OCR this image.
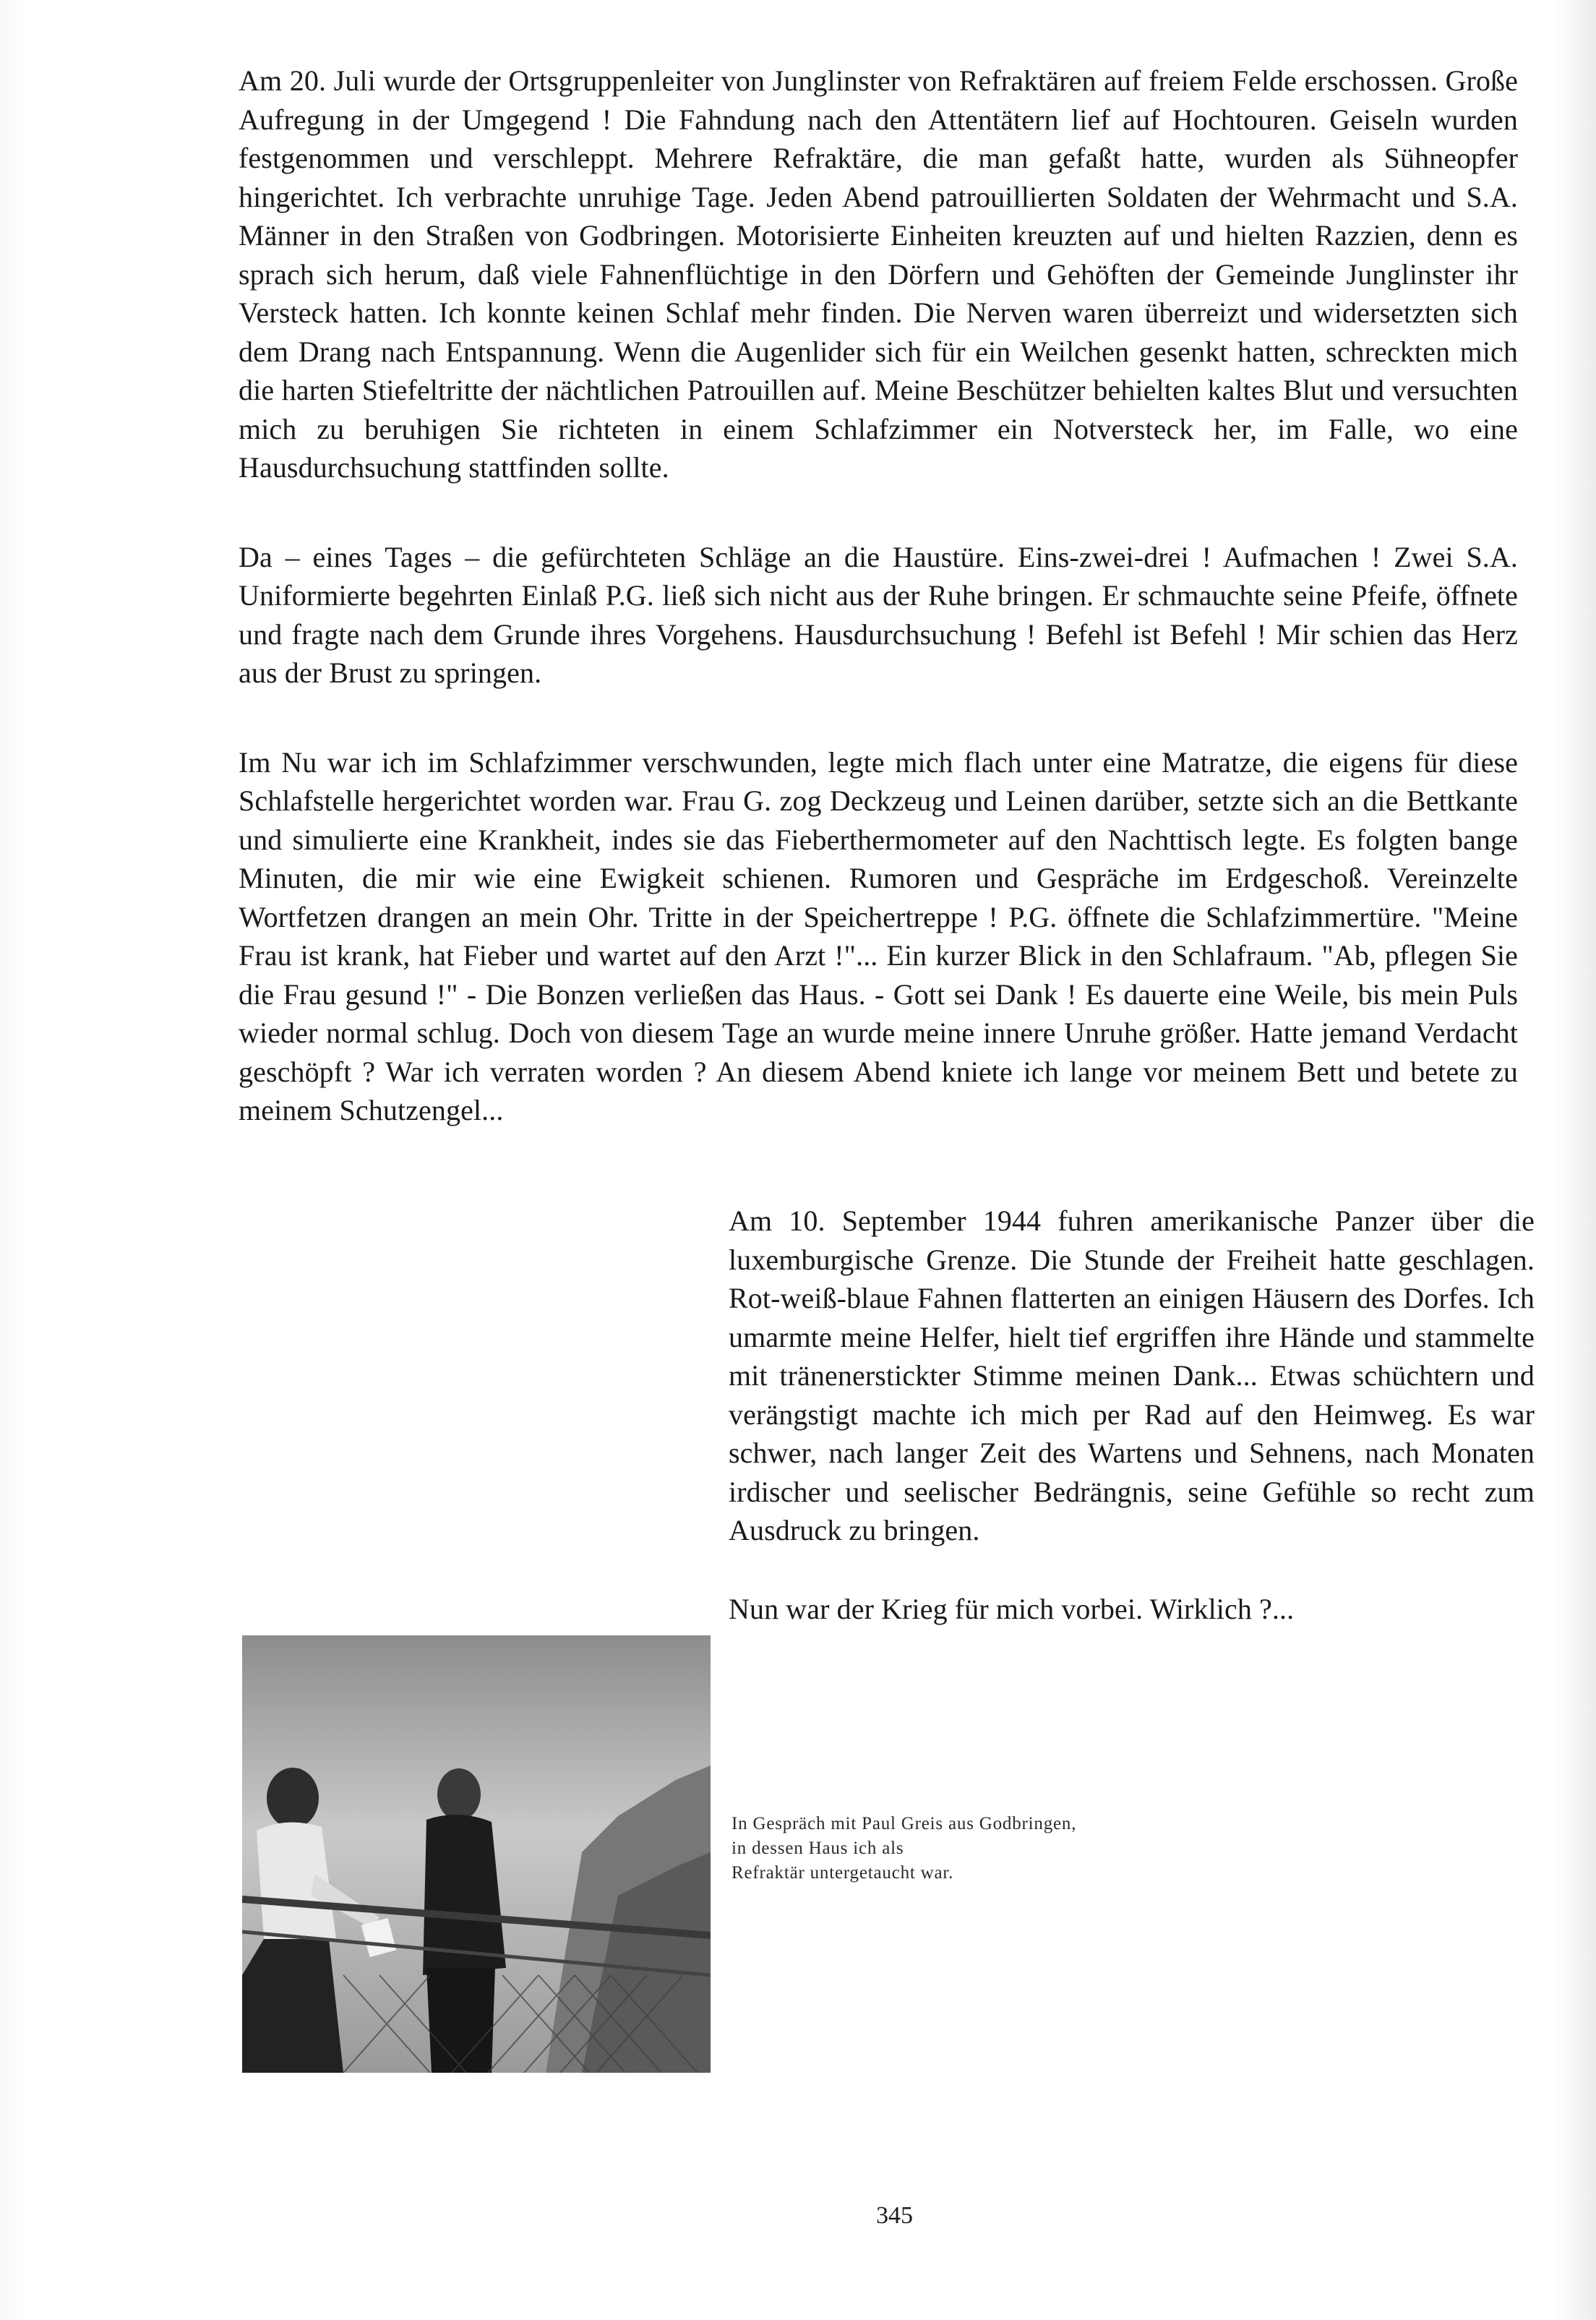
Am 20. Juli wurde der Ortsgruppenleiter von Junglinster von Refraktären auf freiem Felde erschossen. Große Aufregung in der Umgegend ! Die Fahndung nach den Attentätern lief auf Hochtouren. Geiseln wurden festgenommen und verschleppt. Mehrere Refraktäre, die man gefaßt hatte, wurden als Sühneopfer hingerichtet. Ich verbrachte unruhige Tage. Jeden Abend patrouillierten Soldaten der Wehrmacht und S.A. Männer in den Straßen von Godbringen. Motorisierte Einheiten kreuzten auf und hielten Razzien, denn es sprach sich herum, daß viele Fahnenflüchtige in den Dörfern und Gehöften der Gemeinde Junglinster ihr Versteck hatten. Ich konnte keinen Schlaf mehr finden. Die Nerven waren überreizt und widersetzten sich dem Drang nach Entspannung. Wenn die Augenlider sich für ein Weilchen gesenkt hatten, schreckten mich die harten Stiefeltritte der nächtlichen Patrouillen auf. Meine Beschützer behielten kaltes Blut und versuchten mich zu beruhigen Sie richteten in einem Schlafzimmer ein Notversteck her, im Falle, wo eine Hausdurchsuchung stattfinden sollte.

Da – eines Tages – die gefürchteten Schläge an die Haustüre. Eins-zwei-drei ! Aufmachen ! Zwei S.A. Uniformierte begehrten Einlaß P.G. ließ sich nicht aus der Ruhe bringen. Er schmauchte seine Pfeife, öffnete und fragte nach dem Grunde ihres Vorgehens. Hausdurchsuchung ! Befehl ist Befehl ! Mir schien das Herz aus der Brust zu springen.

Im Nu war ich im Schlafzimmer verschwunden, legte mich flach unter eine Matratze, die eigens für diese Schlafstelle hergerichtet worden war. Frau G. zog Deckzeug und Leinen darüber, setzte sich an die Bettkante und simulierte eine Krankheit, indes sie das Fieberthermometer auf den Nachttisch legte. Es folgten bange Minuten, die mir wie eine Ewigkeit schienen. Rumoren und Gespräche im Erdgeschoß. Vereinzelte Wortfetzen drangen an mein Ohr. Tritte in der Speichertreppe ! P.G. öffnete die Schlafzimmertüre. "Meine Frau ist krank, hat Fieber und wartet auf den Arzt !"... Ein kurzer Blick in den Schlafraum. "Ab, pflegen Sie die Frau gesund !" - Die Bonzen verließen das Haus. - Gott sei Dank ! Es dauerte eine Weile, bis mein Puls wieder normal schlug. Doch von diesem Tage an wurde meine innere Unruhe größer. Hatte jemand Verdacht geschöpft ? War ich verraten worden ? An diesem Abend kniete ich lange vor meinem Bett und betete zu meinem Schutzengel...

Am 10. September 1944 fuhren amerikanische Panzer über die luxemburgische Grenze. Die Stunde der Freiheit hatte geschlagen. Rot-weiß-blaue Fahnen flatterten an einigen Häusern des Dorfes. Ich umarmte meine Helfer, hielt tief ergriffen ihre Hände und stammelte mit tränenerstickter Stimme meinen Dank... Etwas schüchtern und verängstigt machte ich mich per Rad auf den Heimweg. Es war schwer, nach langer Zeit des Wartens und Sehnens, nach Monaten irdischer und seelischer Bedrängnis, seine Gefühle so recht zum Ausdruck zu bringen.

Nun war der Krieg für mich vorbei. Wirklich ?...

In Gespräch mit Paul Greis aus Godbringen,
in dessen Haus ich als
Refraktär untergetaucht war.
345
